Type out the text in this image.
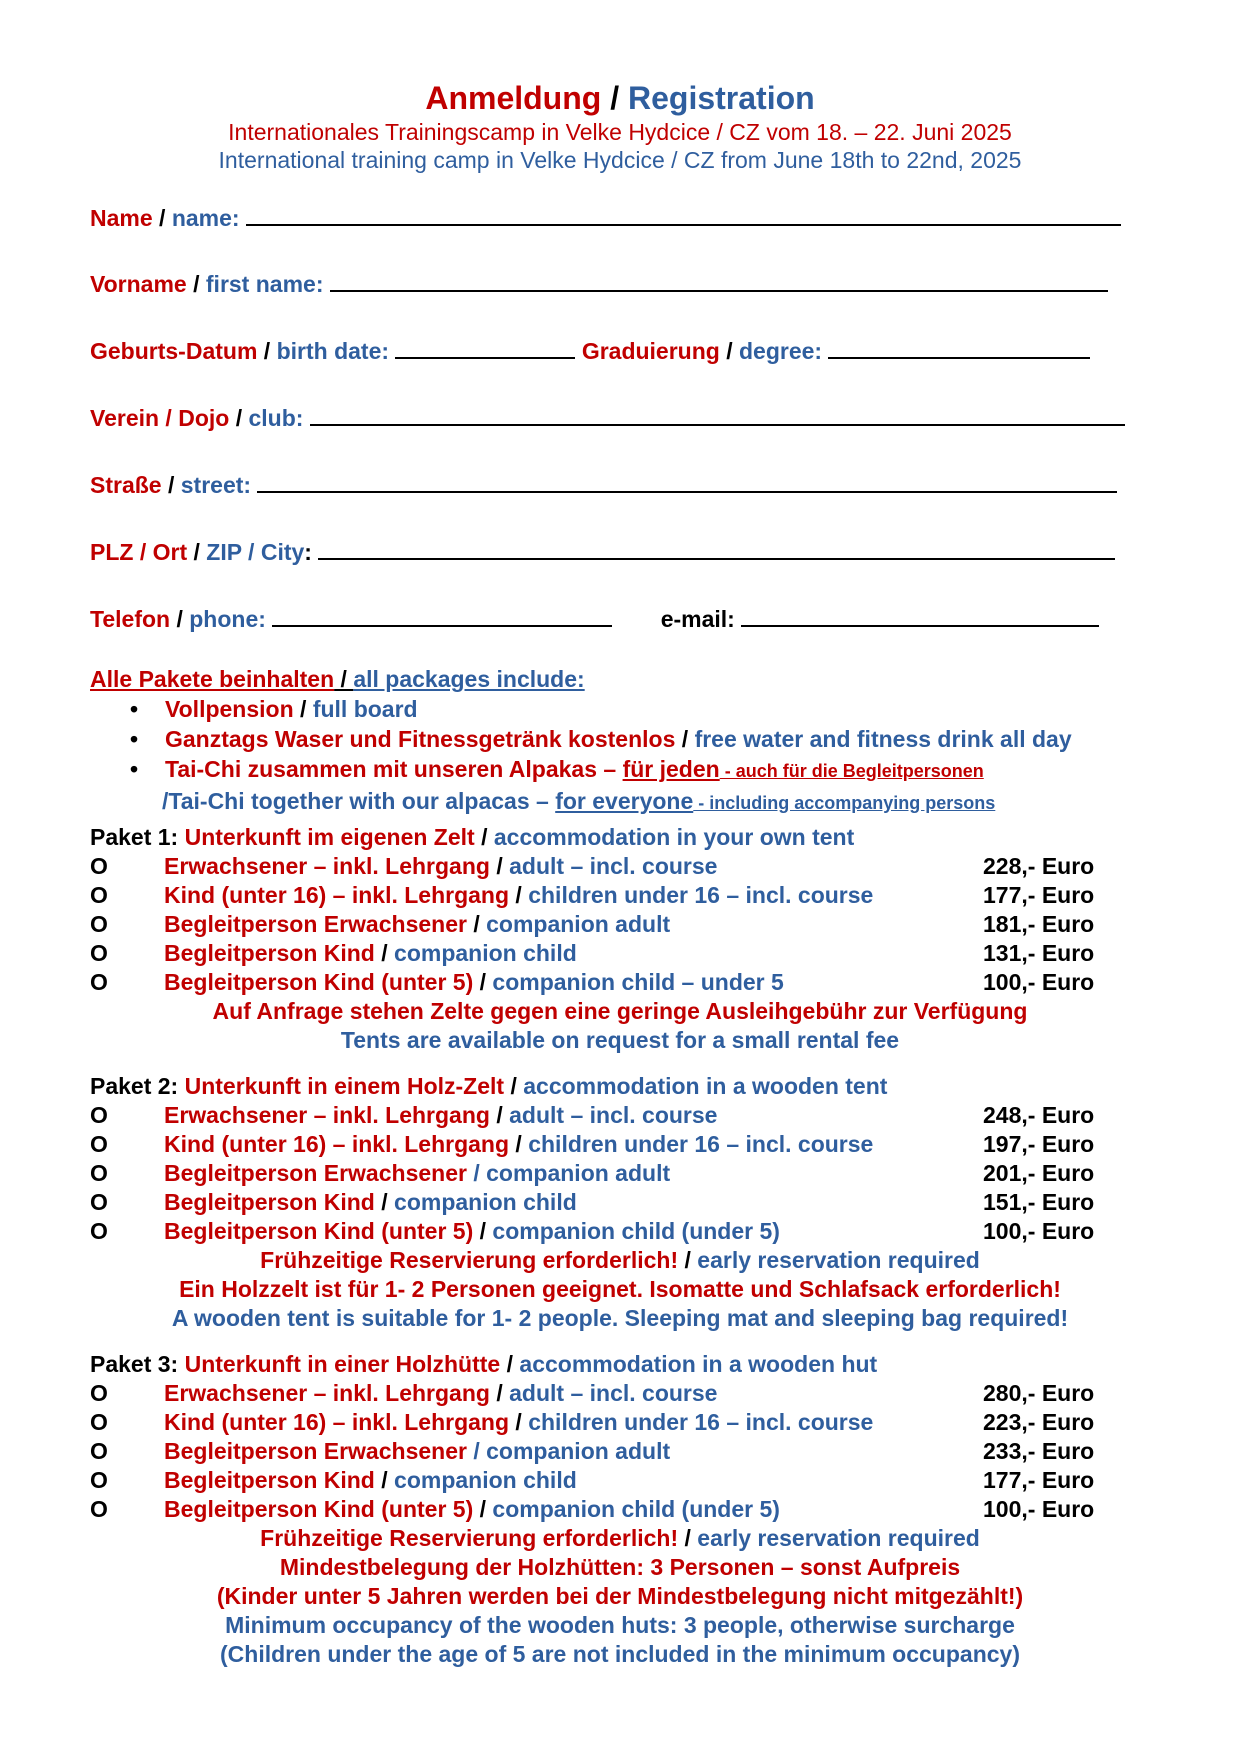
Anmeldung / Registration
Internationales Trainingscamp in Velke Hydcice / CZ vom 18. – 22. Juni 2025
International training camp in Velke Hydcice / CZ from June 18th to 22nd, 2025
Name / name:
Vorname / first name:
Geburts-Datum / birth date:	Graduierung / degree:
Verein / Dojo / club:
Straße / street:
PLZ / Ort / ZIP / City:
Telefon / phone:	e-mail:
Alle Pakete beinhalten / all packages include:
• Vollpension / full board
• Ganztags Waser und Fitnessgetränk kostenlos / free water and fitness drink all day
• Tai-Chi zusammen mit unseren Alpakas – für jeden - auch für die Begleitpersonen
/Tai-Chi together with our alpacas – for everyone - including accompanying persons
Paket 1: Unterkunft im eigenen Zelt / accommodation in your own tent
O Erwachsener – inkl. Lehrgang / adult – incl. course	228,- Euro
O Kind (unter 16) – inkl. Lehrgang / children under 16 – incl. course	177,- Euro
O Begleitperson Erwachsener / companion adult	181,- Euro
O Begleitperson Kind / companion child	131,- Euro
O Begleitperson Kind (unter 5) / companion child – under 5	100,- Euro
Auf Anfrage stehen Zelte gegen eine geringe Ausleihgebühr zur Verfügung
Tents are available on request for a small rental fee
Paket 2: Unterkunft in einem Holz-Zelt / accommodation in a wooden tent
O Erwachsener – inkl. Lehrgang / adult – incl. course	248,- Euro
O Kind (unter 16) – inkl. Lehrgang / children under 16 – incl. course	197,- Euro
O Begleitperson Erwachsener / companion adult	201,- Euro
O Begleitperson Kind / companion child	151,- Euro
O Begleitperson Kind (unter 5) / companion child (under 5)	100,- Euro
Frühzeitige Reservierung erforderlich! / early reservation required
Ein Holzzelt ist für 1- 2 Personen geeignet. Isomatte und Schlafsack erforderlich!
A wooden tent is suitable for 1- 2 people. Sleeping mat and sleeping bag required!
Paket 3: Unterkunft in einer Holzhütte / accommodation in a wooden hut
O Erwachsener – inkl. Lehrgang / adult – incl. course	280,- Euro
O Kind (unter 16) – inkl. Lehrgang / children under 16 – incl. course	223,- Euro
O Begleitperson Erwachsener / companion adult	233,- Euro
O Begleitperson Kind / companion child	177,- Euro
O Begleitperson Kind (unter 5) / companion child (under 5)	100,- Euro
Frühzeitige Reservierung erforderlich! / early reservation required
Mindestbelegung der Holzhütten: 3 Personen – sonst Aufpreis
(Kinder unter 5 Jahren werden bei der Mindestbelegung nicht mitgezählt!)
Minimum occupancy of the wooden huts: 3 people, otherwise surcharge
(Children under the age of 5 are not included in the minimum occupancy)
